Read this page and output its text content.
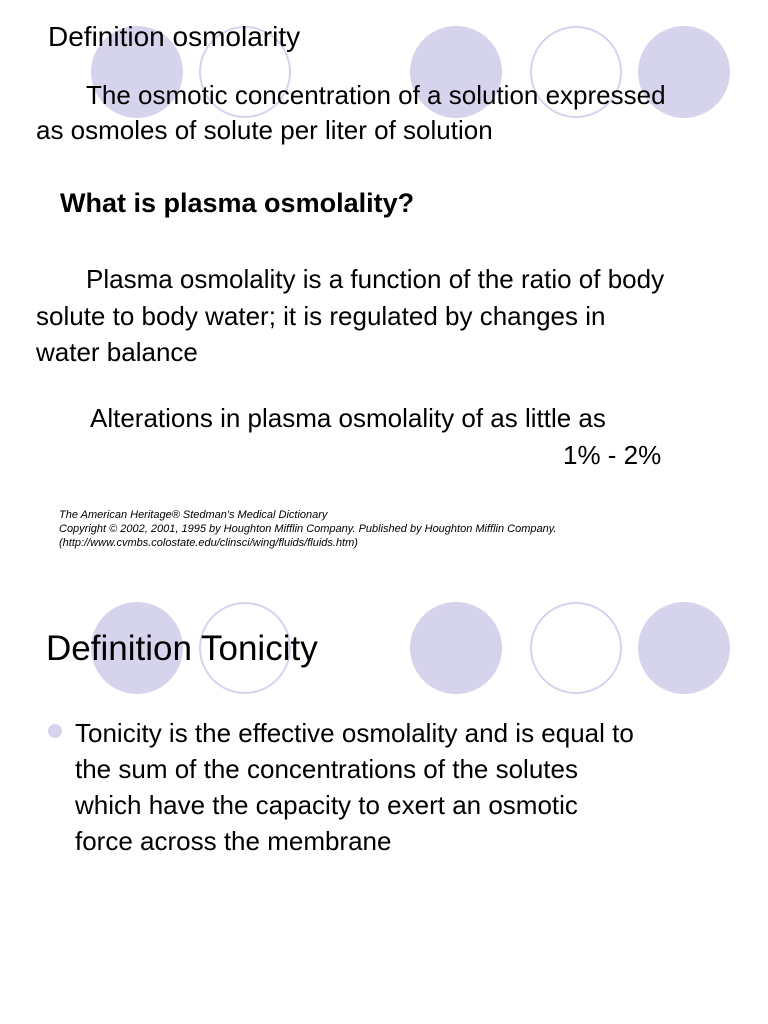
Definition osmolarity
The osmotic concentration of a solution expressed
as osmoles of solute per liter of solution
What is plasma osmolality?
Plasma osmolality is a function of the ratio of body
solute to body water; it is regulated by changes in
water balance
Alterations in plasma osmolality of as little as
1% - 2%
The American Heritage® Stedman's Medical Dictionary
Copyright © 2002, 2001, 1995 by Houghton Mifflin Company. Published by Houghton Mifflin Company.
(http://www.cvmbs.colostate.edu/clinsci/wing/fluids/fluids.htm)
Definition Tonicity
Tonicity is the effective osmolality and is equal to
the sum of the concentrations of the solutes
which have the capacity to exert an osmotic
force across the membrane
